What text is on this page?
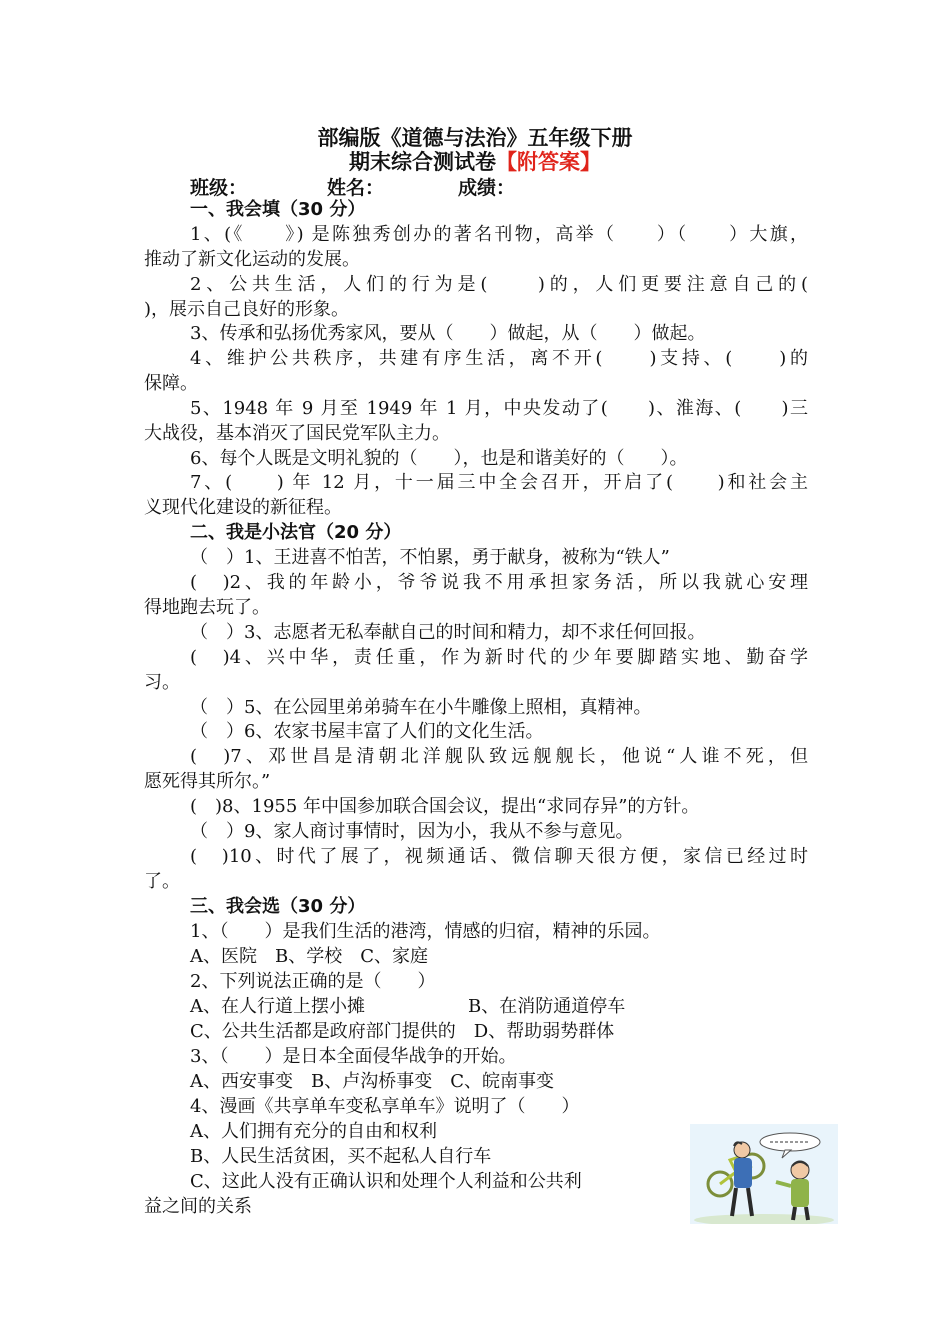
部编版《道德与法治》五年级下册
期末综合测试卷【附答案】
班级：	姓名：	成绩：
一、我会填（30 分）
1、(《　　》) 是陈独秀创办的著名刊物，高举（　　）（　　）大旗，
推动了新文化运动的发展。
2、公共生活，人们的行为是(　　)的，人们更要注意自己的(
)，展示自己良好的形象。
3、传承和弘扬优秀家风，要从（　　）做起，从（　　）做起。
4、维护公共秩序，共建有序生活，离不开(　　)支持、(　　)的
保障。
5、1948 年 9 月至 1949 年 1 月，中央发动了(　　)、淮海、(　　)三
大战役，基本消灭了国民党军队主力。
6、每个人既是文明礼貌的（　　），也是和谐美好的（　　）。
7、(　　) 年 12 月，十一届三中全会召开，开启了(　　)和社会主
义现代化建设的新征程。
二、我是小法官（20 分）
（　）1、王进喜不怕苦，不怕累，勇于献身，被称为“铁人”
(　)2、我的年龄小，爷爷说我不用承担家务活，所以我就心安理
得地跑去玩了。
（　）3、志愿者无私奉献自己的时间和精力，却不求任何回报。
(　)4、兴中华，责任重，作为新时代的少年要脚踏实地、勤奋学
习。
（　）5、在公园里弟弟骑车在小牛雕像上照相，真精神。
（　）6、农家书屋丰富了人们的文化生活。
(　)7、邓世昌是清朝北洋舰队致远舰舰长，他说“人谁不死，但
愿死得其所尔。”
(　)8、1955 年中国参加联合国会议，提出“求同存异”的方针。
（　）9、家人商讨事情时，因为小，我从不参与意见。
(　)10、时代了展了，视频通话、微信聊天很方便，家信已经过时
了。
三、我会选（30 分）
1、（　　）是我们生活的港湾，情感的归宿，精神的乐园。
A、医院　B、学校　C、家庭
2、下列说法正确的是（　　）
A、在人行道上摆小摊	B、在消防通道停车
C、公共生活都是政府部门提供的　D、帮助弱势群体
3、（　　）是日本全面侵华战争的开始。
A、西安事变　B、卢沟桥事变　C、皖南事变
4、漫画《共享单车变私享单车》说明了（　　）
A、人们拥有充分的自由和权利
B、人民生活贫困，买不起私人自行车
C、这此人没有正确认识和处理个人利益和公共利
益之间的关系
